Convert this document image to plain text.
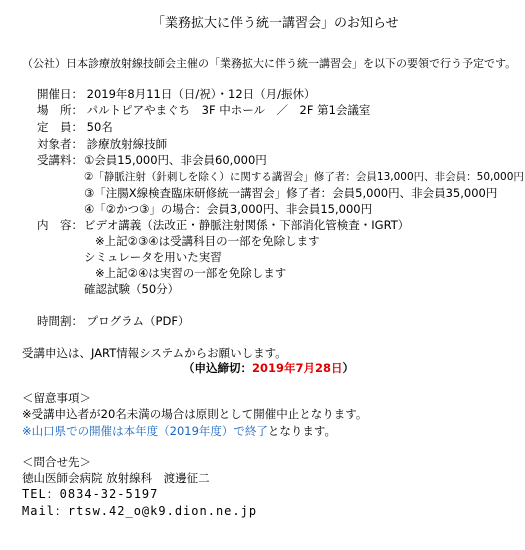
「業務拡大に伴う統一講習会」のお知らせ
（公社）日本診療放射線技師会主催の「業務拡大に伴う統一講習会」を以下の要領で行う予定です。
開催日： 2019年8月11日（日/祝）・12日（月/振休）
場　所： パルトピアやまぐち　3F 中ホール　／　2F 第1会議室
定　員： 50名
対象者： 診療放射線技師
受講料： ①会員15,000円、非会員60,000円
②「静脈注射（針刺しを除く）に関する講習会」修了者：会員13,000円、非会員：50,000円
③「注腸X線検査臨床研修統一講習会」修了者：会員5,000円、非会員35,000円
④「②かつ③」の場合：会員3,000円、非会員15,000円
内　容： ビデオ講義（法改正・静脈注射関係・下部消化管検査・IGRT）
※上記②③④は受講科目の一部を免除します
シミュレータを用いた実習
※上記②④は実習の一部を免除します
確認試験（50分）
時間割： プログラム（PDF）
受講申込は、JART情報システムからお願いします。
（申込締切：2019年7月28日）
＜留意事項＞
※受講申込者が20名未満の場合は原則として開催中止となります。
※山口県での開催は本年度（2019年度）で終了となります。
＜問合せ先＞
徳山医師会病院 放射線科　渡邊征二
TEL：0834-32-5197
Mail：rtsw.42_o@k9.dion.ne.jp
